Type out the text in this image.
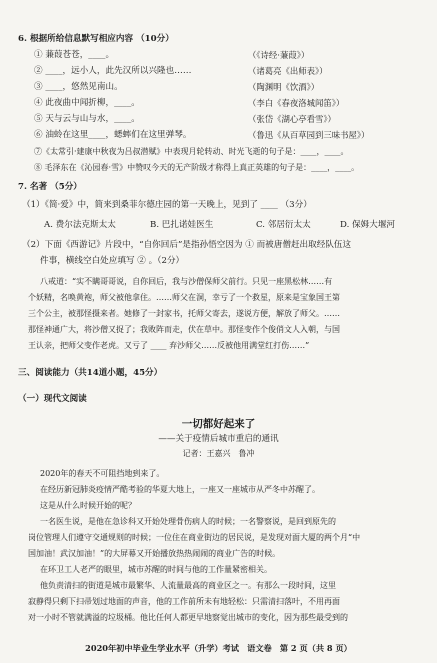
6. 根据所给信息默写相应内容 （10分）
① 蒹葭苍苍，____。	（《诗经·蒹葭》）
② ____，远小人，此先汉所以兴隆也……	（诸葛亮《出师表》）
③ ____，悠然见南山。	（陶渊明《饮酒》）
④ 此夜曲中闻折柳，____。	（李白《春夜洛城闻笛》）
⑤ 天与云与山与水，____。	（张岱《湖心亭看雪》）
⑥ 油蛉在这里____，蟋蟀们在这里弹琴。	（鲁迅《从百草园到三味书屋》）
⑦《太常引·建康中秋夜为吕叔潜赋》中表现月轮转动、时光飞逝的句子是：____，____。
⑧ 毛泽东在《沁园春·雪》中赞叹今天的无产阶级才称得上真正英雄的句子是：____，____。
7. 名著 （5分）
（1）《简·爱》中，简来到桑菲尔德庄园的第一天晚上，见到了 ____ （3分）
A. 费尔法克斯太太	B. 巴扎诺娃医生	C. 邻居衍太太	D. 保姆大堰河
（2）下面《西游记》片段中，“自你回后”是指孙悟空因为 ① 而被唐僧赶出取经队伍这
件事，横线空白处应填写 ② 。（2分）
八戒道：“实不瞒哥哥说，自你回后，我与沙僧保师父前行。只见一座黑松林……有
个妖精，名唤黄袍，师父被他拿住。……师父在洞，幸亏了一个救星，原来是宝象国王第
三个公主，被那怪摄来者。她修了一封家书，托师父寄去，遂说方便，解放了师父。……
那怪神通广大，将沙僧又捉了；我败阵而走，伏在草中。那怪变作个俊俏文人入朝，与国
王认亲，把师父变作老虎。又亏了 ____ 弃沙师父……反被他用满堂红打伤……”
三、阅读能力（共14道小题，45分）
（一）现代文阅读
一切都好起来了
——关于疫情后城市重启的通讯
记者：王嘉兴　鲁冲
2020年的春天不可阻挡地到来了。
在经历新冠肺炎疫情严酷考验的华夏大地上，一座又一座城市从严冬中苏醒了。
这是从什么时候开始的呢？
一名医生说，是他在急诊科又开始处理骨伤病人的时候；一名警察说，是回到原先的
岗位管理人们遵守交通规则的时候；一位住在商业街边的居民说，是发现对面大厦的两个月“中
国加油！武汉加油！”的大屏幕又开始播放热热闹闹的商业广告的时候。
在环卫工人老严的眼里，城市苏醒的时间与他的工作量紧密相关。
他负责清扫的街道是城市最繁华、人流量最高的商业区之一。有那么一段时间，这里
寂静得只剩下扫帚划过地面的声音，他的工作前所未有地轻松：只需清扫落叶，不用再面
对一小时不管就满溢的垃圾桶。他比任何人都更早地察觉出城市的变化，因为那些最受到的
2020年初中毕业生学业水平（升学）考试　语文卷　第 2 页（共 8 页）
